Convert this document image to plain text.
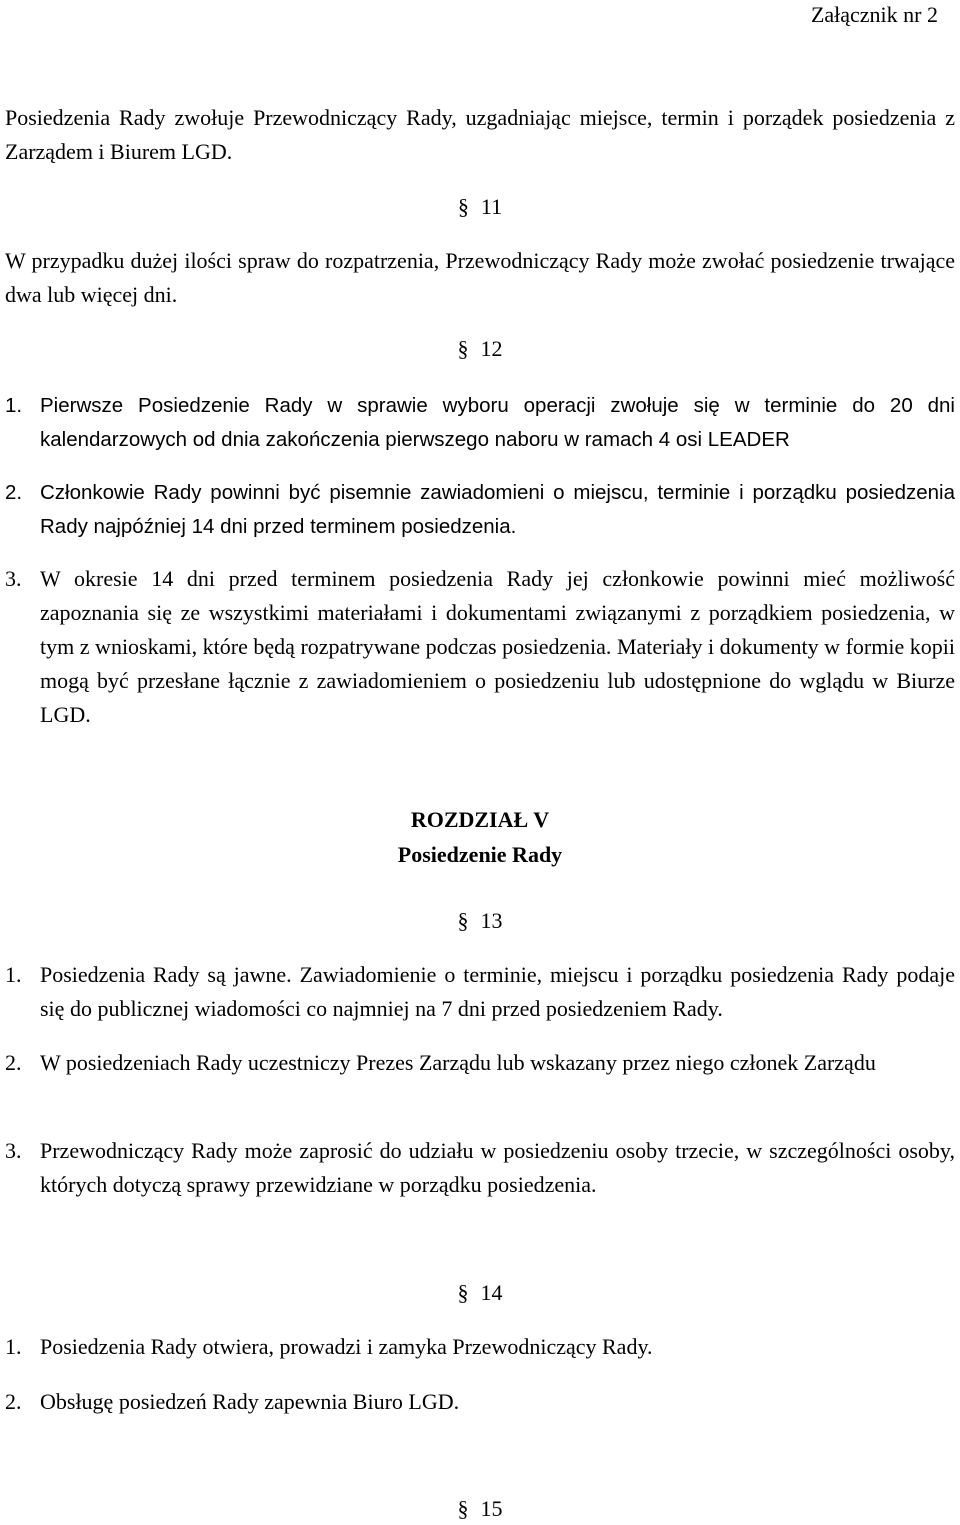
Załącznik nr 2

Posiedzenia Rady zwołuje Przewodniczący Rady, uzgadniając miejsce, termin i porządek posiedzenia z Zarządem i Biurem LGD.

§ 11

W przypadku dużej ilości spraw do rozpatrzenia, Przewodniczący Rady może zwołać posiedzenie trwające dwa lub więcej dni.

§ 12

1. Pierwsze Posiedzenie Rady w sprawie wyboru operacji zwołuje się w terminie do 20 dni kalendarzowych od dnia zakończenia pierwszego naboru w ramach 4 osi LEADER
2. Członkowie Rady powinni być pisemnie zawiadomieni o miejscu, terminie i porządku posiedzenia Rady najpóźniej 14 dni przed terminem posiedzenia.
3. W okresie 14 dni przed terminem posiedzenia Rady jej członkowie powinni mieć możliwość zapoznania się ze wszystkimi materiałami i dokumentami związanymi z porządkiem posiedzenia, w tym z wnioskami, które będą rozpatrywane podczas posiedzenia. Materiały i dokumenty w formie kopii mogą być przesłane łącznie z zawiadomieniem o posiedzeniu lub udostępnione do wglądu w Biurze LGD.

ROZDZIAŁ V

Posiedzenie Rady

§ 13

1. Posiedzenia Rady są jawne. Zawiadomienie o terminie, miejscu i porządku posiedzenia Rady podaje się do publicznej wiadomości co najmniej na 7 dni przed posiedzeniem Rady.
2. W posiedzeniach Rady uczestniczy Prezes Zarządu lub wskazany przez niego członek Zarządu
3. Przewodniczący Rady może zaprosić do udziału w posiedzeniu osoby trzecie, w szczególności osoby, których dotyczą sprawy przewidziane w porządku posiedzenia.

§ 14

1. Posiedzenia Rady otwiera, prowadzi i zamyka Przewodniczący Rady.
2. Obsługę posiedzeń Rady zapewnia Biuro LGD.

§ 15
